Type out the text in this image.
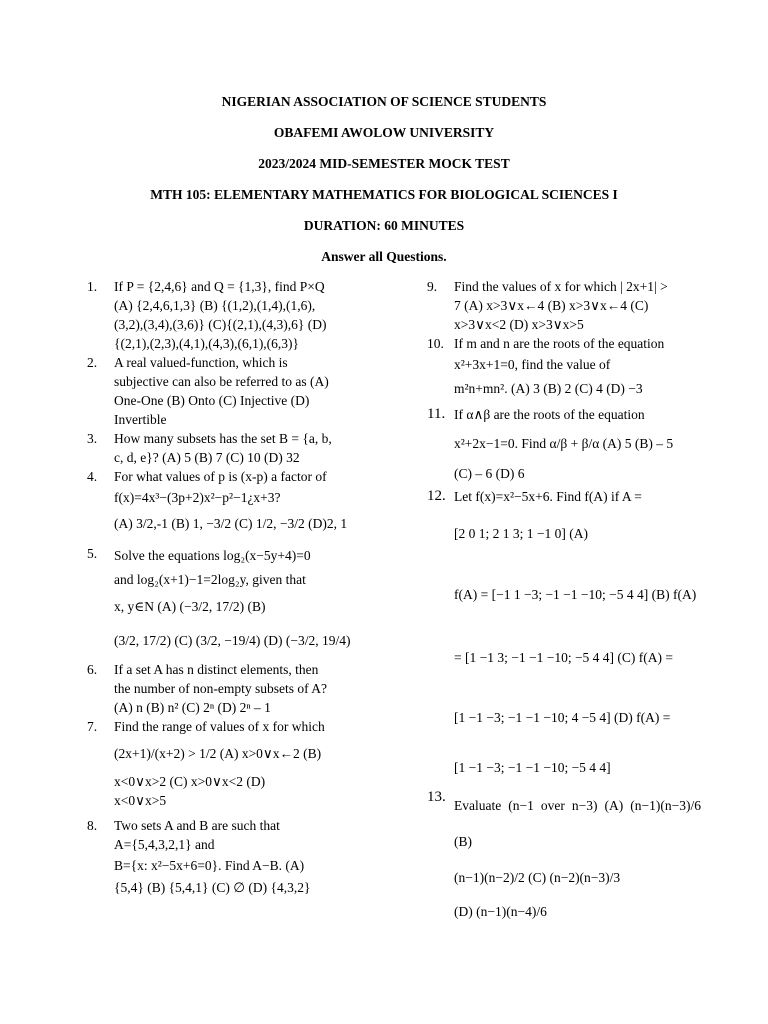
NIGERIAN ASSOCIATION OF SCIENCE STUDENTS
OBAFEMI AWOLOW UNIVERSITY
2023/2024 MID-SEMESTER MOCK TEST
MTH 105: ELEMENTARY MATHEMATICS FOR BIOLOGICAL SCIENCES I
DURATION: 60 MINUTES
Answer all Questions.
1. If P = {2,4,6} and Q = {1,3}, find P×Q
(A) {2,4,6,1,3} (B) {(1,2),(1,4),(1,6),
(3,2),(3,4),(3,6)} (C){(2,1),(4,3),6} (D)
{(2,1),(2,3),(4,1),(4,3),(6,1),(6,3)}
2. A real valued-function, which is
subjective can also be referred to as (A)
One-One (B) Onto (C) Injective (D)
Invertible
3. How many subsets has the set B = {a, b,
c, d, e}? (A) 5 (B) 7 (C) 10 (D) 32
4. For what values of p is (x-p) a factor of
f(x)=4x³−(3p+2)x²−p²−1¿x+3?
(A) 3/2,-1 (B) 1, −3/2 (C) 1/2, −3/2 (D)2, 1
5. Solve the equations log₂(x−5y+4)=0
and log₂(x+1)−1=2log₂y, given that
x, y∈N (A) (−3/2, 17/2) (B)
(3/2, 17/2) (C) (3/2, −19/4) (D) (−3/2, 19/4)
6. If a set A has n distinct elements, then
the number of non-empty subsets of A?
(A) n (B) n² (C) 2ⁿ (D) 2ⁿ – 1
7. Find the range of values of x for which
(2x+1)/(x+2) > 1/2 (A) x>0∨x←2 (B)
x<0∨x>2 (C) x>0∨x<2 (D)
x<0∨x>5
8. Two sets A and B are such that
A={5,4,3,2,1} and
B={x: x²−5x+6=0}. Find A−B. (A)
{5,4} (B) {5,4,1} (C) ∅ (D) {4,3,2}
9. Find the values of x for which | 2x+1| >
7 (A) x>3∨x←4 (B) x>3∨x←4 (C)
x>3∨x<2 (D) x>3∨x>5
10. If m and n are the roots of the equation
x²+3x+1=0, find the value of
m²n+mn². (A) 3 (B) 2 (C) 4 (D) −3
11. If α∧β are the roots of the equation
x²+2x−1=0. Find α/β + β/α (A) 5 (B) – 5
(C) – 6 (D) 6
12. Let f(x)=x²−5x+6. Find f(A) if A =
[2 0 1; 2 1 3; 1 −1 0] (A)
f(A) = [−1 1 −3; −1 −1 −10; −5 4 4] (B) f(A)
= [1 −1 3; −1 −1 −10; −5 4 4] (C) f(A) =
[1 −1 −3; −1 −1 −10; 4 −5 4] (D) f(A) =
[1 −1 −3; −1 −1 −10; −5 4 4]
13.
Evaluate (n−1 over n−3) (A) (n−1)(n−3)/6 (B)
(n−1)(n−2)/2 (C) (n−2)(n−3)/3
(D) (n−1)(n−4)/6
